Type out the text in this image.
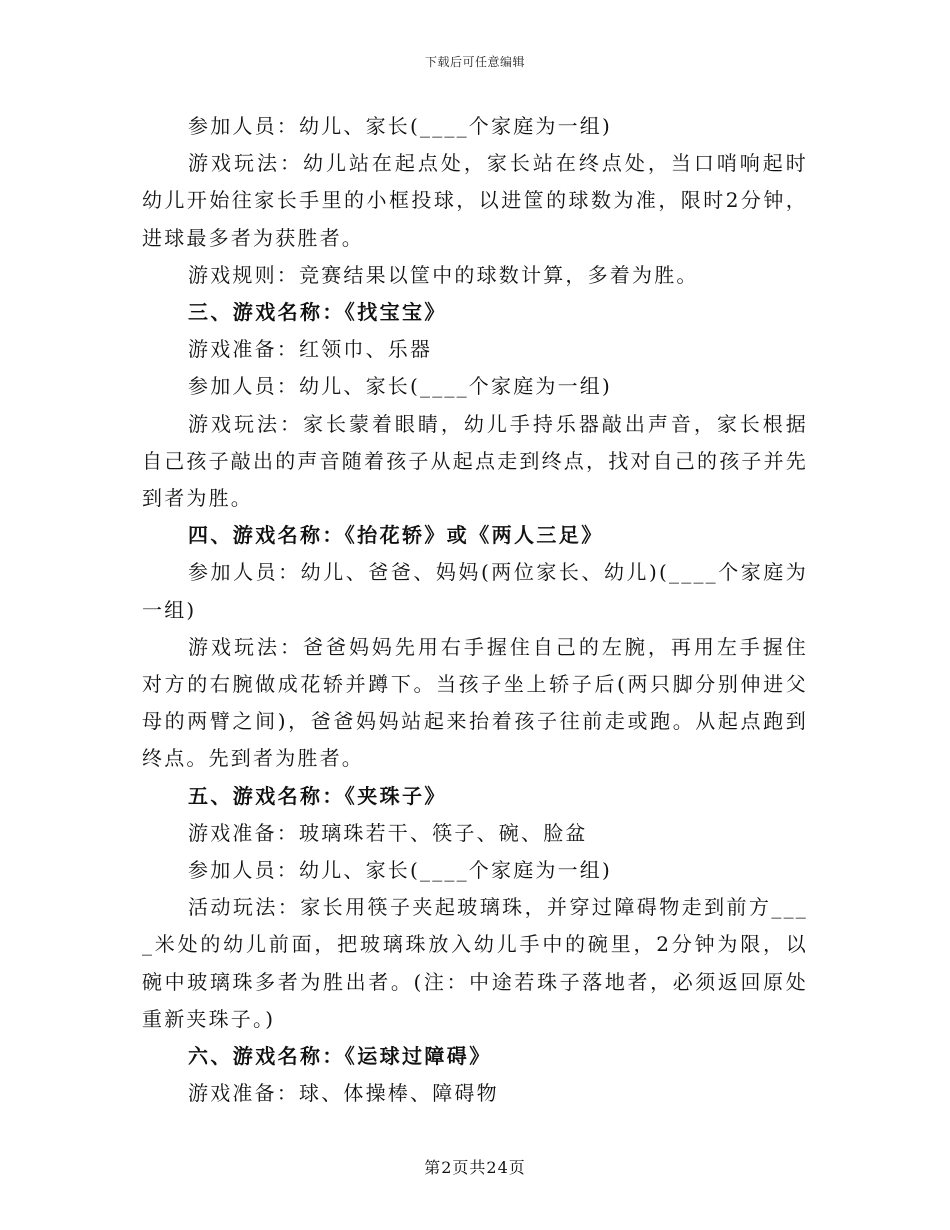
下载后可任意编辑

参加人员：幼儿、家长(____个家庭为一组)

游戏玩法：幼儿站在起点处，家长站在终点处，当口哨响起时幼儿开始往家长手里的小框投球，以进筐的球数为准，限时2分钟，进球最多者为获胜者。

游戏规则：竞赛结果以筐中的球数计算，多着为胜。

三、游戏名称：《找宝宝》

游戏准备：红领巾、乐器

参加人员：幼儿、家长(____个家庭为一组)

游戏玩法：家长蒙着眼睛，幼儿手持乐器敲出声音，家长根据自己孩子敲出的声音随着孩子从起点走到终点，找对自己的孩子并先到者为胜。

四、游戏名称：《抬花轿》或《两人三足》

参加人员：幼儿、爸爸、妈妈(两位家长、幼儿)(____个家庭为一组)

游戏玩法：爸爸妈妈先用右手握住自己的左腕，再用左手握住对方的右腕做成花轿并蹲下。当孩子坐上轿子后(两只脚分别伸进父母的两臂之间)，爸爸妈妈站起来抬着孩子往前走或跑。从起点跑到终点。先到者为胜者。

五、游戏名称：《夹珠子》

游戏准备：玻璃珠若干、筷子、碗、脸盆

参加人员：幼儿、家长(____个家庭为一组)

活动玩法：家长用筷子夹起玻璃珠，并穿过障碍物走到前方____米处的幼儿前面，把玻璃珠放入幼儿手中的碗里，2分钟为限，以碗中玻璃珠多者为胜出者。(注：中途若珠子落地者，必须返回原处重新夹珠子。)

六、游戏名称：《运球过障碍》

游戏准备：球、体操棒、障碍物

第2页共24页
